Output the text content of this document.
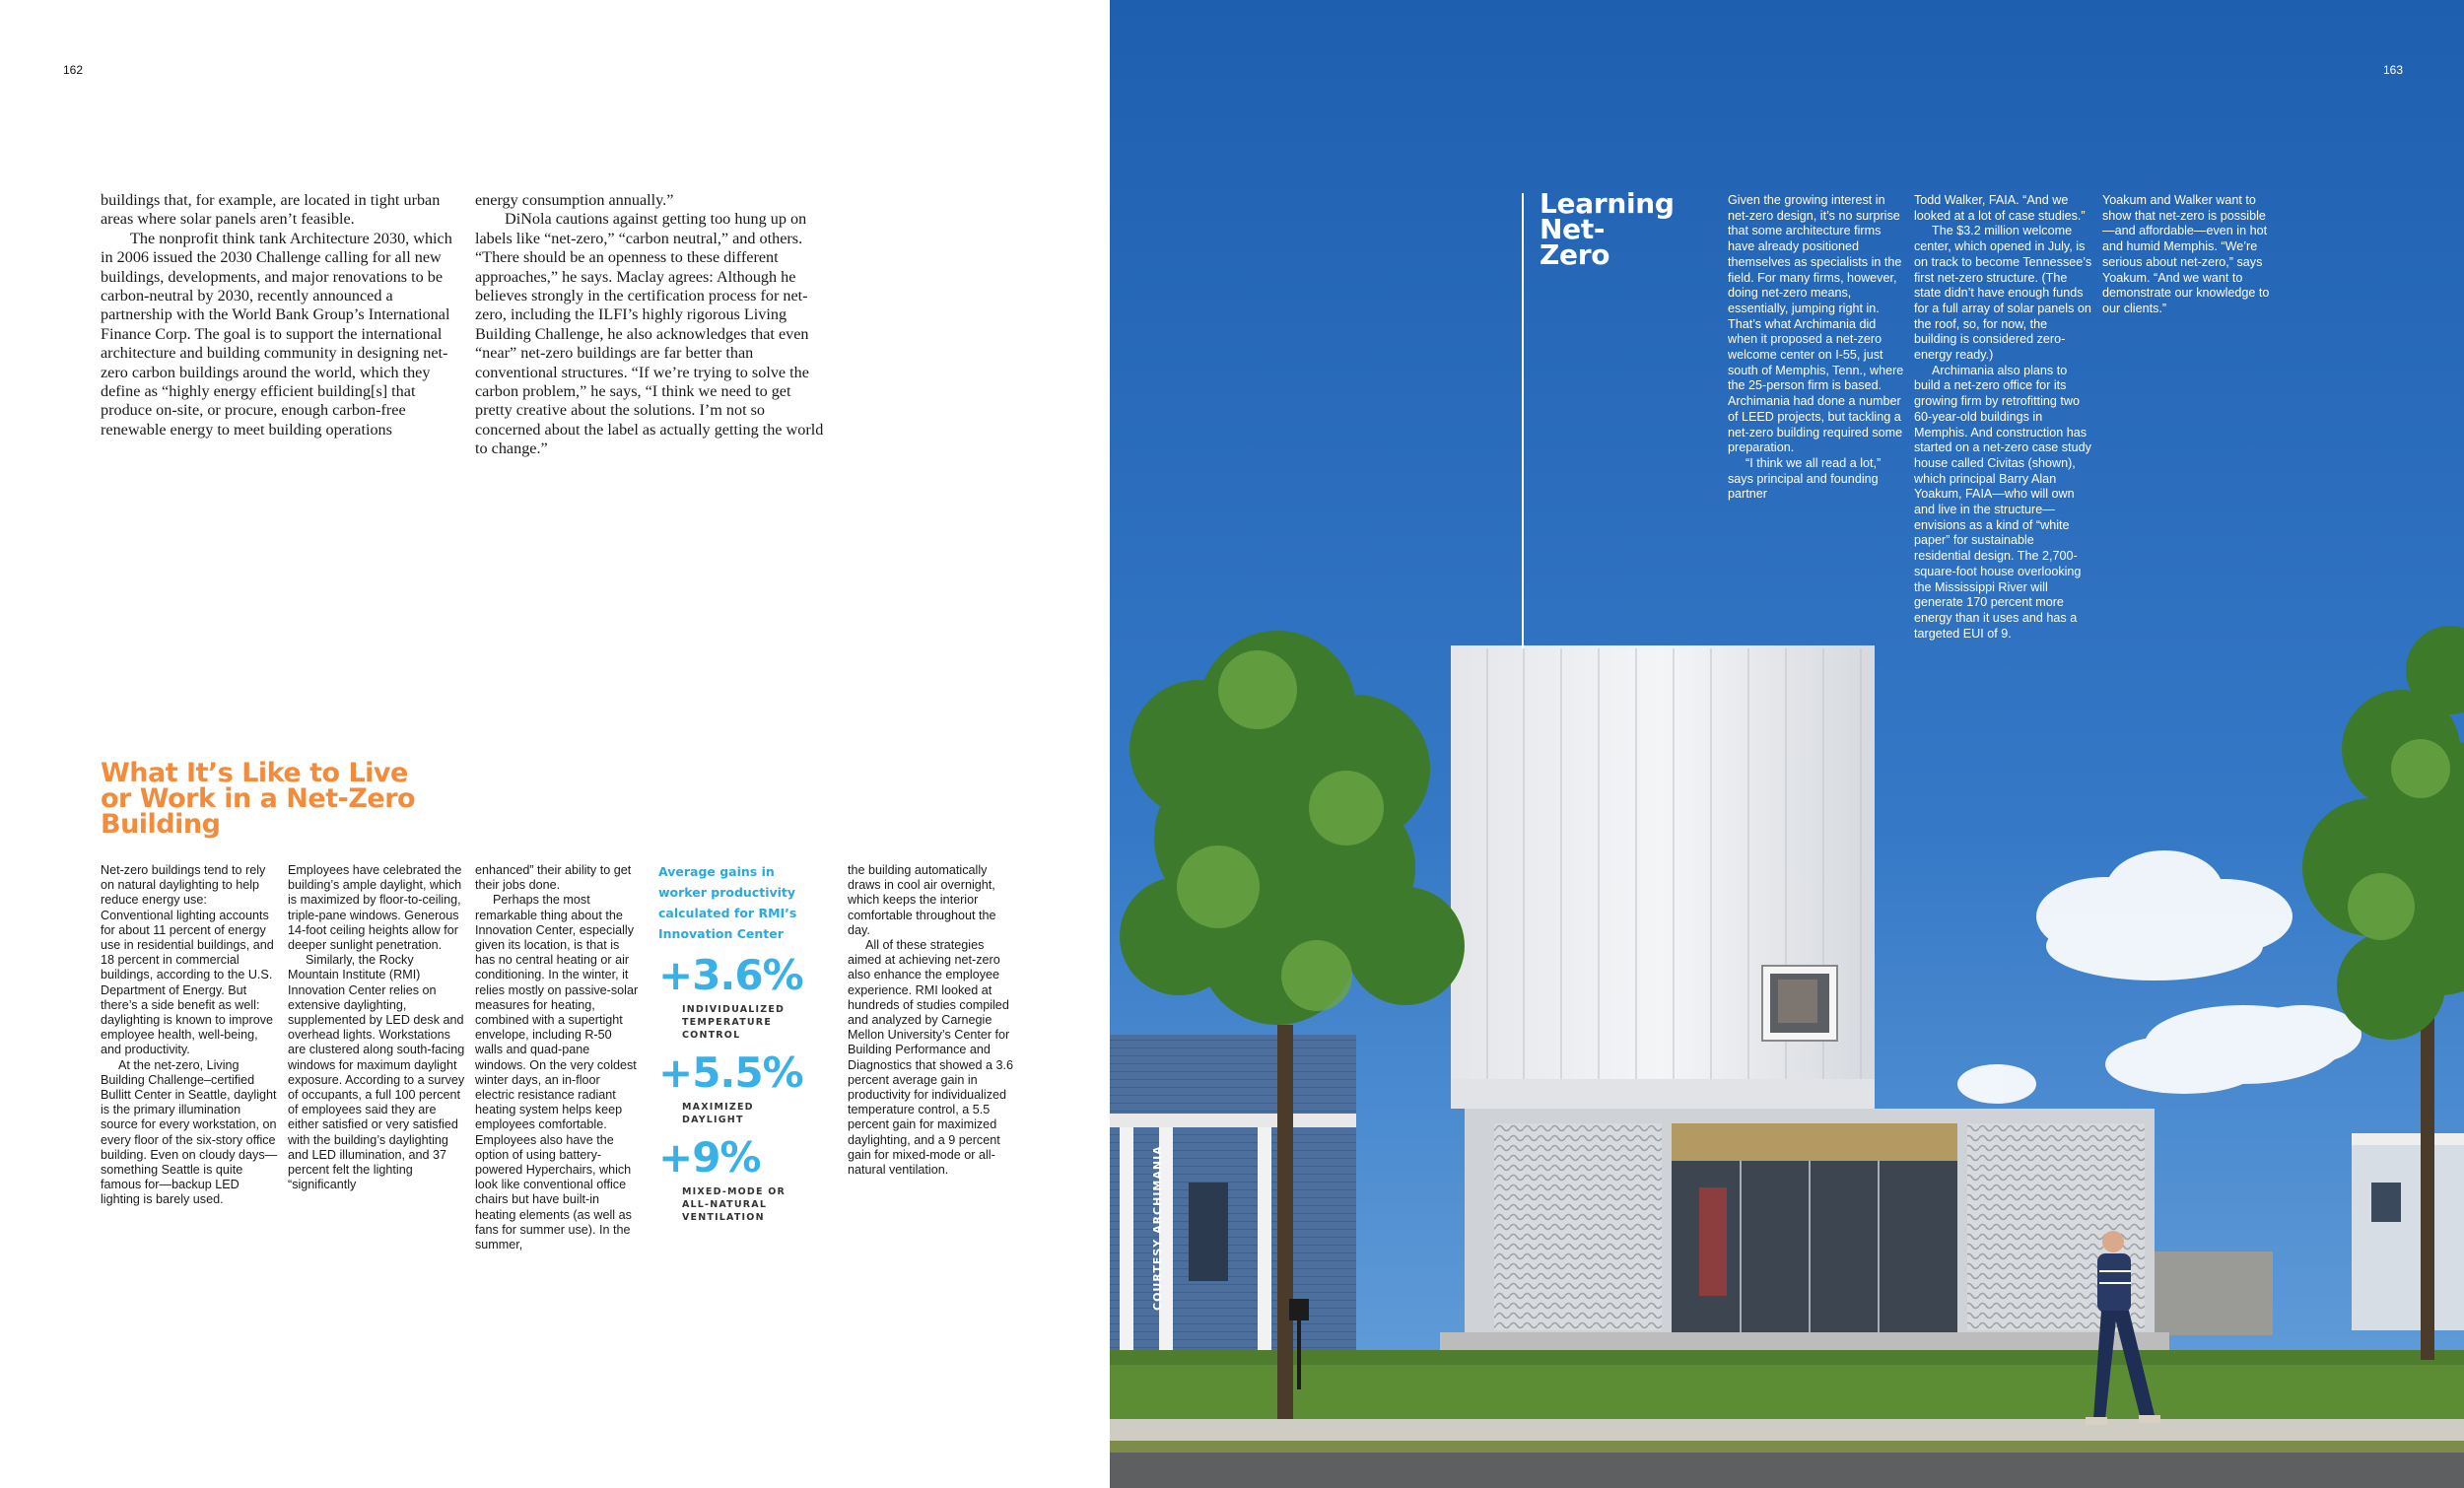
162

buildings that, for example, are located in tight urban areas where solar panels aren’t feasible.

The nonprofit think tank Architecture 2030, which in 2006 issued the 2030 Challenge calling for all new buildings, developments, and major renovations to be carbon-neutral by 2030, recently announced a partnership with the World Bank Group’s International Finance Corp. The goal is to support the international architecture and building community in designing net-zero carbon buildings around the world, which they define as “highly energy efficient building[s] that produce on-site, or procure, enough carbon-free renewable energy to meet building operations

energy consumption annually.”

DiNola cautions against getting too hung up on labels like “net-zero,” “carbon neutral,” and others. “There should be an openness to these different approaches,” he says. Maclay agrees: Although he believes strongly in the certification process for net-zero, including the ILFI’s highly rigorous Living Building Challenge, he also acknowledges that even “near” net-zero buildings are far better than conventional structures. “If we’re trying to solve the carbon problem,” he says, “I think we need to get pretty creative about the solutions. I’m not so concerned about the label as actually getting the world to change.”

What It’s Like to Live or Work in a Net-Zero Building

Net-zero buildings tend to rely on natural daylighting to help reduce energy use: Conventional lighting accounts for about 11 percent of energy use in residential buildings, and 18 percent in commercial buildings, according to the U.S. Department of Energy. But there’s a side benefit as well: daylighting is known to improve employee health, well-being, and productivity.

At the net-zero, Living Building Challenge–certified Bullitt Center in Seattle, daylight is the primary illumination source for every workstation, on every floor of the six-story office building. Even on cloudy days—something Seattle is quite famous for—backup LED lighting is barely used.

Employees have celebrated the building’s ample daylight, which is maximized by floor-to-ceiling, triple-pane windows. Generous 14-foot ceiling heights allow for deeper sunlight penetration.

Similarly, the Rocky Mountain Institute (RMI) Innovation Center relies on extensive daylighting, supplemented by LED desk and overhead lights. Workstations are clustered along south-facing windows for maximum daylight exposure. According to a survey of occupants, a full 100 percent of employees said they are either satisfied or very satisfied with the building’s daylighting and LED illumination, and 37 percent felt the lighting “significantly

enhanced” their ability to get their jobs done.

Perhaps the most remarkable thing about the Innovation Center, especially given its location, is that is has no central heating or air conditioning. In the winter, it relies mostly on passive-solar measures for heating, combined with a supertight envelope, including R-50 walls and quad-pane windows. On the very coldest winter days, an in-floor electric resistance radiant heating system helps keep employees comfortable. Employees also have the option of using battery-powered Hyperchairs, which look like conventional office chairs but have built-in heating elements (as well as fans for summer use). In the summer,

Average gains in worker productivity calculated for RMI’s Innovation Center
+3.6%
INDIVIDUALIZED TEMPERATURE CONTROL
+5.5%
MAXIMIZED DAYLIGHT
+9%
MIXED-MODE OR ALL-NATURAL VENTILATION

the building automatically draws in cool air overnight, which keeps the interior comfortable throughout the day.

All of these strategies aimed at achieving net-zero also enhance the employee experience. RMI looked at hundreds of studies compiled and analyzed by Carnegie Mellon University’s Center for Building Performance and Diagnostics that showed a 3.6 percent average gain in productivity for individualized temperature control, a 5.5 percent gain for maximized daylighting, and a 9 percent gain for mixed-mode or all-natural ventilation.

163
Learning Net-Zero

Given the growing interest in net-zero design, it’s no surprise that some architecture firms have already positioned themselves as specialists in the field. For many firms, however, doing net-zero means, essentially, jumping right in. That’s what Archimania did when it proposed a net-zero welcome center on I-55, just south of Memphis, Tenn., where the 25-person firm is based. Archimania had done a number of LEED projects, but tackling a net-zero building required some preparation.

“I think we all read a lot,” says principal and founding partner

Todd Walker, FAIA. “And we looked at a lot of case studies.”

The $3.2 million welcome center, which opened in July, is on track to become Tennessee’s first net-zero structure. (The state didn’t have enough funds for a full array of solar panels on the roof, so, for now, the building is considered zero-energy ready.)

Archimania also plans to build a net-zero office for its growing firm by retrofitting two 60-year-old buildings in Memphis. And construction has started on a net-zero case study house called Civitas (shown), which principal Barry Alan Yoakum, FAIA—who will own and live in the structure—envisions as a kind of “white paper” for sustainable residential design. The 2,700-square-foot house overlooking the Mississippi River will generate 170 percent more energy than it uses and has a targeted EUI of 9.

Yoakum and Walker want to show that net-zero is possible—and affordable—even in hot and humid Memphis. “We’re serious about net-zero,” says Yoakum. “And we want to demonstrate our knowledge to our clients.”

COURTESY ARCHIMANIA
